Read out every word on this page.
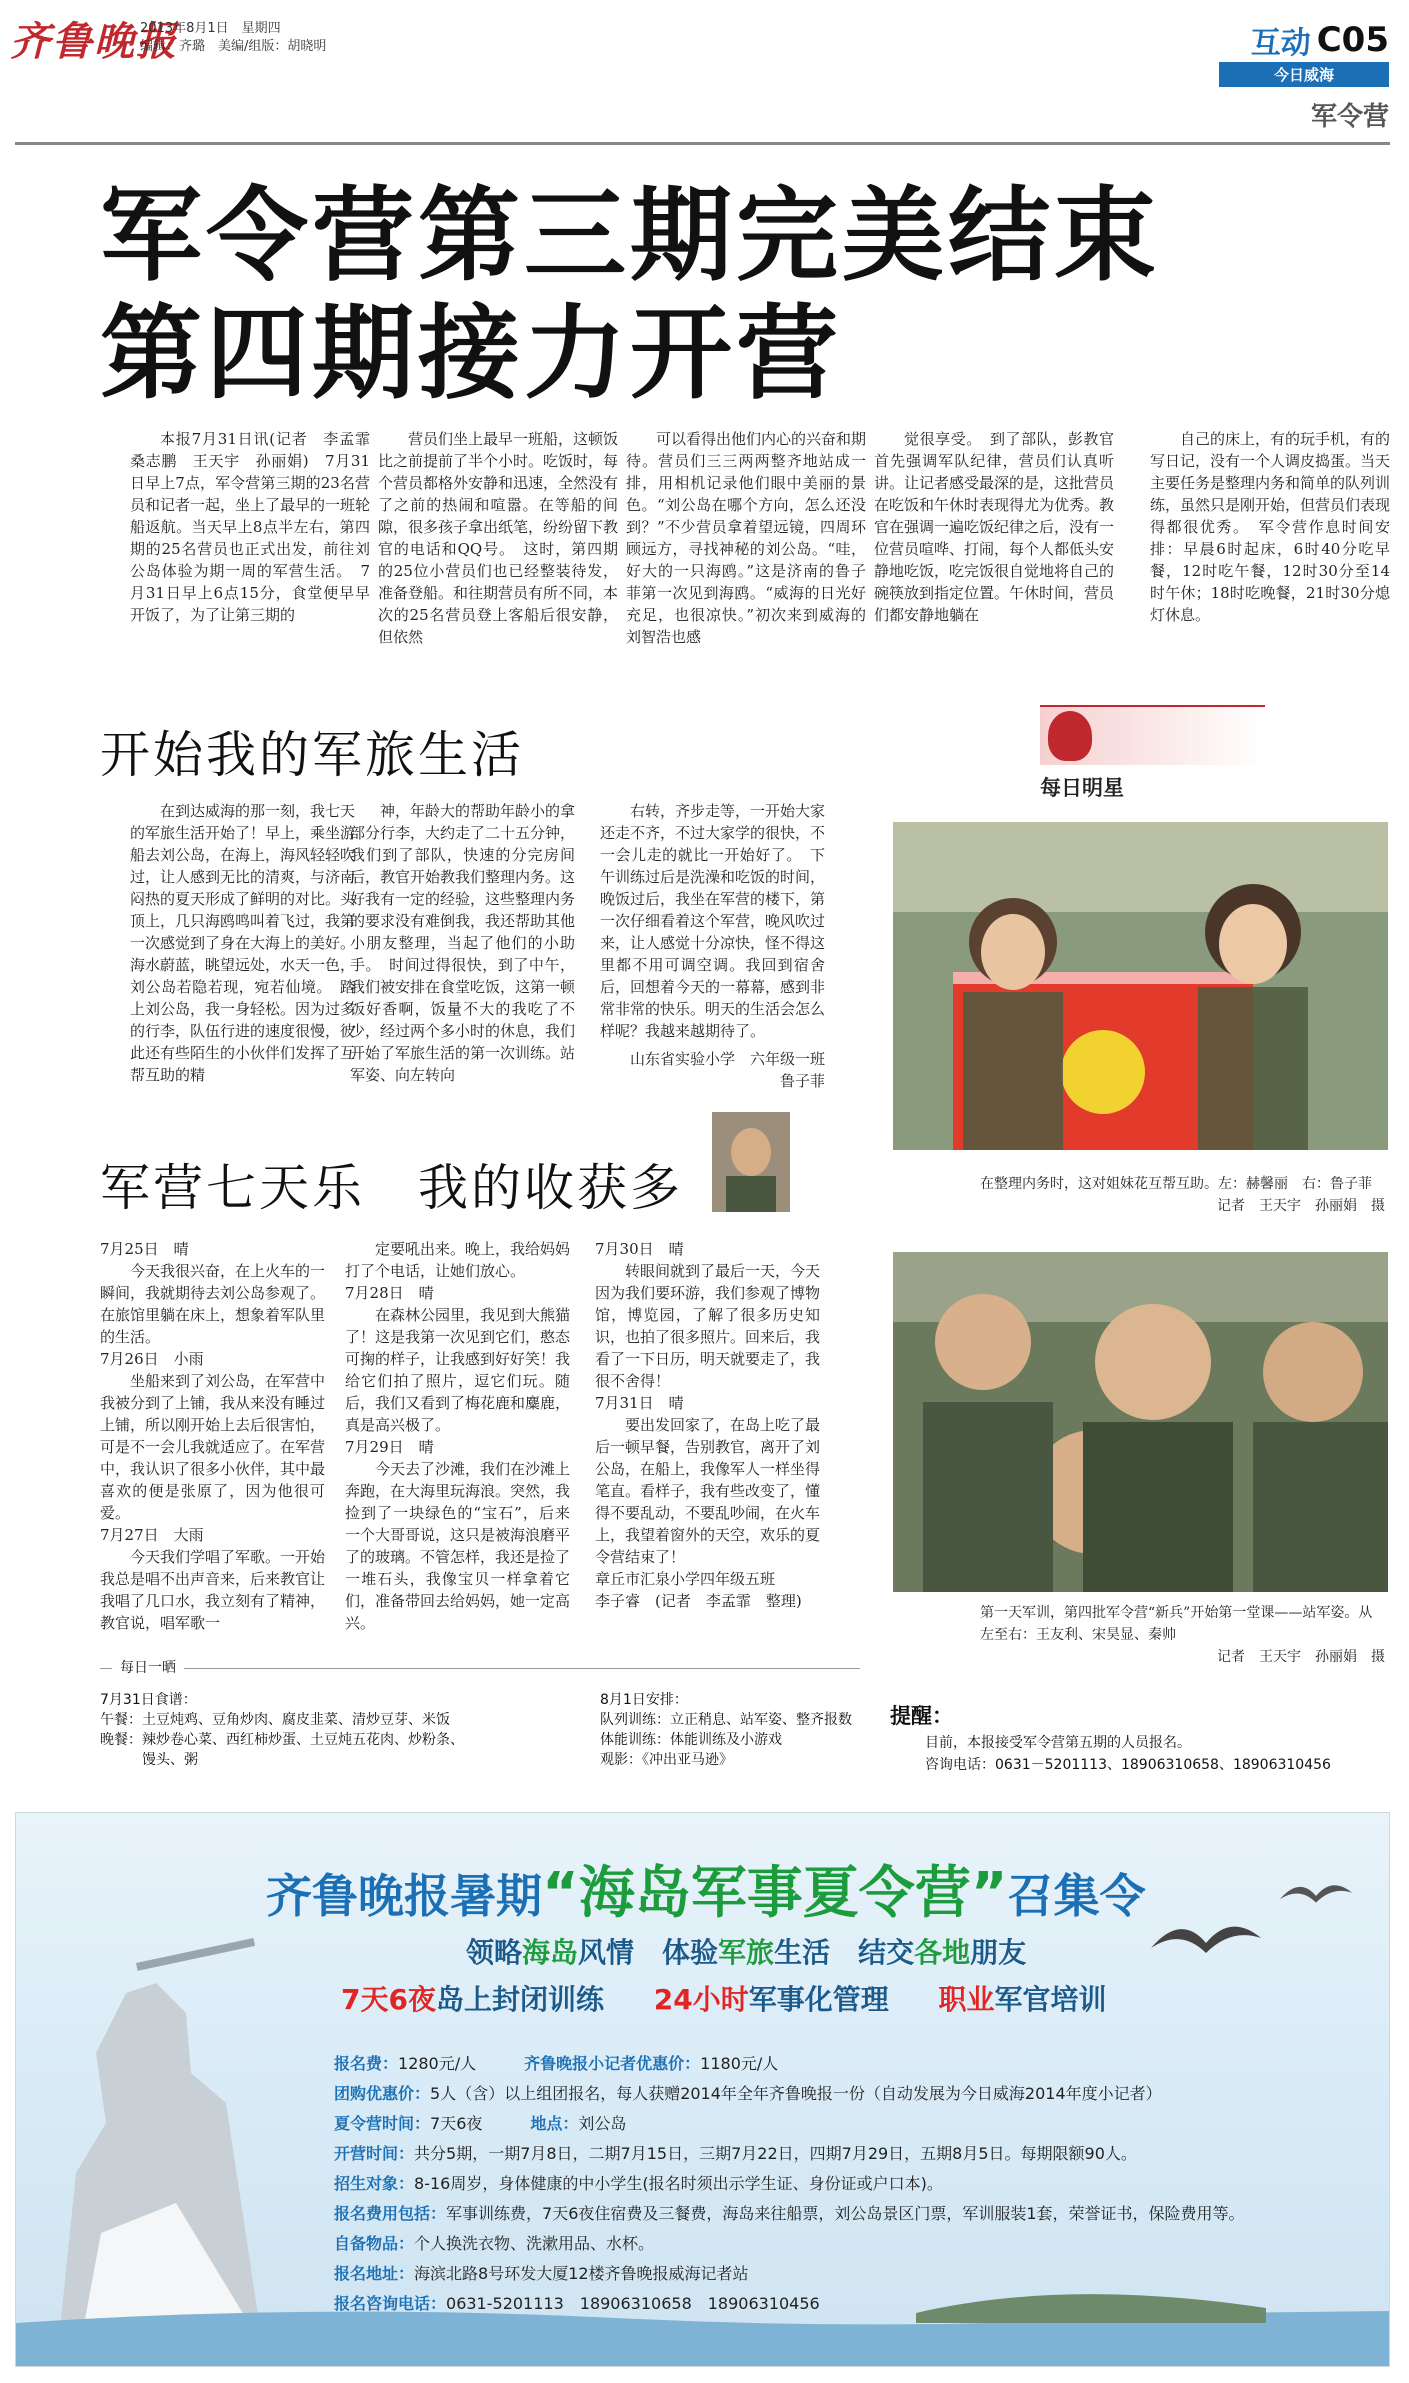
齐鲁晚报
2013年8月1日　星期四
编辑：齐璐　美编/组版：胡晓明	互动 C05
今日威海
军令营
军令营第三期完美结束
第四期接力开营

本报7月31日讯(记者　李孟霏　桑志鹏　王天宇　孙丽娟)　7月31日早上7点，军令营第三期的23名营员和记者一起，坐上了最早的一班轮船返航。当天早上8点半左右，第四期的25名营员也正式出发，前往刘公岛体验为期一周的军营生活。　7月31日早上6点15分，食堂便早早开饭了，为了让第三期的

营员们坐上最早一班船，这顿饭比之前提前了半个小时。吃饭时，每个营员都格外安静和迅速，全然没有了之前的热闹和喧嚣。在等船的间隙，很多孩子拿出纸笔，纷纷留下教官的电话和QQ号。　这时，第四期的25位小营员们也已经整装待发，准备登船。和往期营员有所不同，本次的25名营员登上客船后很安静，但依然

可以看得出他们内心的兴奋和期待。营员们三三两两整齐地站成一排，用相机记录他们眼中美丽的景色。“刘公岛在哪个方向，怎么还没到？”不少营员拿着望远镜，四周环顾远方，寻找神秘的刘公岛。“哇，好大的一只海鸥。”这是济南的鲁子菲第一次见到海鸥。“威海的日光好充足，也很凉快。”初次来到威海的刘智浩也感

觉很享受。　到了部队，彭教官首先强调军队纪律，营员们认真听讲。让记者感受最深的是，这批营员在吃饭和午休时表现得尤为优秀。教官在强调一遍吃饭纪律之后，没有一位营员喧哗、打闹，每个人都低头安静地吃饭，吃完饭很自觉地将自己的碗筷放到指定位置。午休时间，营员们都安静地躺在

自己的床上，有的玩手机，有的写日记，没有一个人调皮捣蛋。当天主要任务是整理内务和简单的队列训练，虽然只是刚开始，但营员们表现得都很优秀。　军令营作息时间安排：早晨6时起床，6时40分吃早餐，12时吃午餐，12时30分至14时午休；18时吃晚餐，21时30分熄灯休息。

开始我的军旅生活

在到达威海的那一刻，我七天的军旅生活开始了！早上，乘坐游船去刘公岛，在海上，海风轻轻吹过，让人感到无比的清爽，与济南闷热的夏天形成了鲜明的对比。头顶上，几只海鸥鸣叫着飞过，我第一次感觉到了身在大海上的美好。海水蔚蓝，眺望远处，水天一色，刘公岛若隐若现，宛若仙境。　踏上刘公岛，我一身轻松。因为过多的行李，队伍行进的速度很慢，彼此还有些陌生的小伙伴们发挥了互帮互助的精

神，年龄大的帮助年龄小的拿部分行李，大约走了二十五分钟，我们到了部队，快速的分完房间后，教官开始教我们整理内务。这好我有一定的经验，这些整理内务的要求没有难倒我，我还帮助其他小朋友整理，当起了他们的小助手。　时间过得很快，到了中午，我们被安排在食堂吃饭，这第一顿饭好香啊，饭量不大的我吃了不少，经过两个多小时的休息，我们开始了军旅生活的第一次训练。站军姿、向左转向

右转，齐步走等，一开始大家还走不齐，不过大家学的很快，不一会儿走的就比一开始好了。　下午训练过后是洗澡和吃饭的时间，晚饭过后，我坐在军营的楼下，第一次仔细看着这个军营，晚风吹过来，让人感觉十分凉快，怪不得这里都不用可调空调。我回到宿舍后，回想着今天的一幕幕，感到非常非常的快乐。明天的生活会怎么样呢？我越来越期待了。

山东省实验小学　六年级一班
鲁子菲
每日明星
在整理内务时，这对姐妹花互帮互助。左：赫馨丽　右：鲁子菲
记者　王天宇　孙丽娟　摄
第一天军训，第四批军令营“新兵”开始第一堂课——站军姿。从左至右：王友利、宋昊显、秦帅
记者　王天宇　孙丽娟　摄
军营七天乐　我的收获多
7月25日　晴

今天我很兴奋，在上火车的一瞬间，我就期待去刘公岛参观了。在旅馆里躺在床上，想象着军队里的生活。

7月26日　小雨

坐船来到了刘公岛，在军营中我被分到了上铺，我从来没有睡过上铺，所以刚开始上去后很害怕，可是不一会儿我就适应了。在军营中，我认识了很多小伙伴，其中最喜欢的便是张原了，因为他很可爱。

7月27日　大雨

今天我们学唱了军歌。一开始我总是唱不出声音来，后来教官让我唱了几口水，我立刻有了精神，教官说，唱军歌一

定要吼出来。晚上，我给妈妈打了个电话，让她们放心。

7月28日　晴

在森林公园里，我见到大熊猫了！这是我第一次见到它们，憨态可掬的样子，让我感到好好笑！我给它们拍了照片，逗它们玩。随后，我们又看到了梅花鹿和麋鹿，真是高兴极了。

7月29日　晴

今天去了沙滩，我们在沙滩上奔跑，在大海里玩海浪。突然，我捡到了一块绿色的“宝石”，后来一个大哥哥说，这只是被海浪磨平了的玻璃。不管怎样，我还是捡了一堆石头，我像宝贝一样拿着它们，准备带回去给妈妈，她一定高兴。

7月30日　晴

转眼间就到了最后一天，今天因为我们要环游，我们参观了博物馆，博览园，了解了很多历史知识，也拍了很多照片。回来后，我看了一下日历，明天就要走了，我很不舍得！

7月31日　晴

要出发回家了，在岛上吃了最后一顿早餐，告别教官，离开了刘公岛，在船上，我像军人一样坐得笔直。看样子，我有些改变了，懂得不要乱动，不要乱吵闹，在火车上，我望着窗外的天空，欢乐的夏令营结束了！

章丘市汇泉小学四年级五班
李子睿　(记者　李孟霏　整理)
每日一晒
7月31日食谱：
午餐：土豆炖鸡、豆角炒肉、腐皮韭菜、清炒豆芽、米饭
晚餐：辣炒卷心菜、西红柿炒蛋、土豆炖五花肉、炒粉条、
馒头、粥
8月1日安排：
队列训练：立正稍息、站军姿、整齐报数
体能训练：体能训练及小游戏
观影：《冲出亚马逊》
提醒：
目前，本报接受军令营第五期的人员报名。
咨询电话：0631－5201113、18906310658、18906310456
齐鲁晚报暑期“海岛军事夏令营”召集令
领略海岛风情　体验军旅生活　结交各地朋友
7天6夜岛上封闭训练 24小时军事化管理 职业军官培训
报名费：1280元/人　　　齐鲁晚报小记者优惠价：1180元/人
团购优惠价：5人（含）以上组团报名，每人获赠2014年全年齐鲁晚报一份（自动发展为今日威海2014年度小记者）
夏令营时间：7天6夜　　　地点：刘公岛
开营时间：共分5期，一期7月8日，二期7月15日，三期7月22日，四期7月29日，五期8月5日。每期限额90人。
招生对象：8-16周岁，身体健康的中小学生(报名时须出示学生证、身份证或户口本)。
报名费用包括：军事训练费，7天6夜住宿费及三餐费，海岛来往船票，刘公岛景区门票，军训服装1套，荣誉证书，保险费用等。
自备物品：个人换洗衣物、洗漱用品、水杯。
报名地址：海滨北路8号环发大厦12楼齐鲁晚报威海记者站
报名咨询电话：0631-5201113　18906310658　18906310456
